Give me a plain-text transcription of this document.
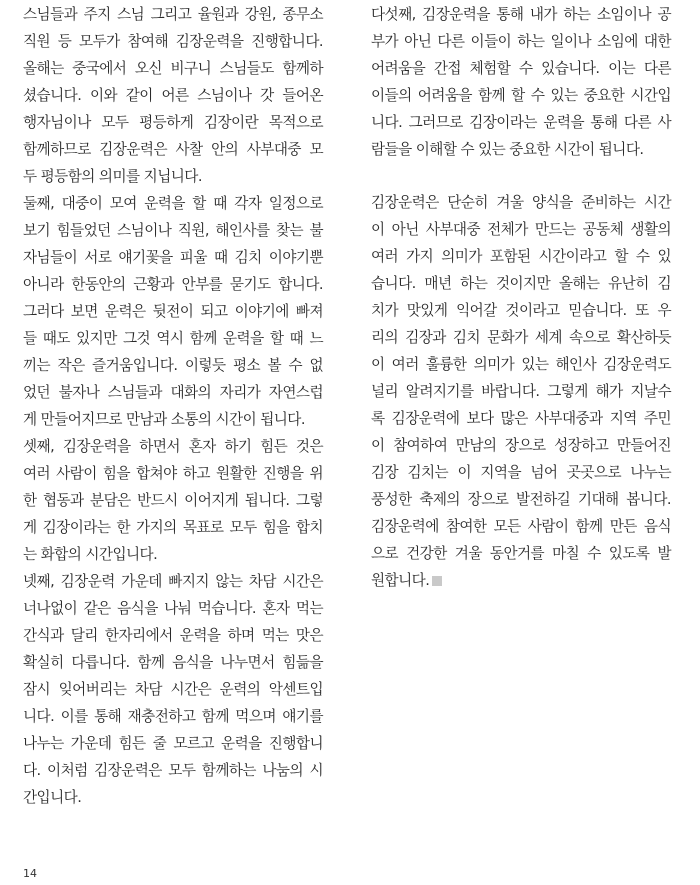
스님들과 주지 스님 그리고 율원과 강원, 종무소
직원 등 모두가 참여해 김장운력을 진행합니다.
올해는 중국에서 오신 비구니 스님들도 함께하
셨습니다. 이와 같이 어른 스님이나 갓 들어온
행자님이나 모두 평등하게 김장이란 목적으로
함께하므로 김장운력은 사찰 안의 사부대중 모
두 평등함의 의미를 지닙니다.
둘째, 대중이 모여 운력을 할 때 각자 일정으로
보기 힘들었던 스님이나 직원, 해인사를 찾는 불
자님들이 서로 얘기꽃을 피울 때 김치 이야기뿐
아니라 한동안의 근황과 안부를 묻기도 합니다.
그러다 보면 운력은 뒷전이 되고 이야기에 빠져
들 때도 있지만 그것 역시 함께 운력을 할 때 느
끼는 작은 즐거움입니다. 이렇듯 평소 볼 수 없
었던 불자나 스님들과 대화의 자리가 자연스럽
게 만들어지므로 만남과 소통의 시간이 됩니다.
셋째, 김장운력을 하면서 혼자 하기 힘든 것은
여러 사람이 힘을 합쳐야 하고 원활한 진행을 위
한 협동과 분담은 반드시 이어지게 됩니다. 그렇
게 김장이라는 한 가지의 목표로 모두 힘을 합치
는 화합의 시간입니다.
넷째, 김장운력 가운데 빠지지 않는 차담 시간은
너나없이 같은 음식을 나눠 먹습니다. 혼자 먹는
간식과 달리 한자리에서 운력을 하며 먹는 맛은
확실히 다릅니다. 함께 음식을 나누면서 힘듦을
잠시 잊어버리는 차담 시간은 운력의 악센트입
니다. 이를 통해 재충전하고 함께 먹으며 얘기를
나누는 가운데 힘든 줄 모르고 운력을 진행합니
다. 이처럼 김장운력은 모두 함께하는 나눔의 시
간입니다.
다섯째, 김장운력을 통해 내가 하는 소임이나 공
부가 아닌 다른 이들이 하는 일이나 소임에 대한
어려움을 간접 체험할 수 있습니다. 이는 다른
이들의 어려움을 함께 할 수 있는 중요한 시간입
니다. 그러므로 김장이라는 운력을 통해 다른 사
람들을 이해할 수 있는 중요한 시간이 됩니다.
김장운력은 단순히 겨울 양식을 준비하는 시간
이 아닌 사부대중 전체가 만드는 공동체 생활의
여러 가지 의미가 포함된 시간이라고 할 수 있
습니다. 매년 하는 것이지만 올해는 유난히 김
치가 맛있게 익어갈 것이라고 믿습니다. 또 우
리의 김장과 김치 문화가 세계 속으로 확산하듯
이 여러 훌륭한 의미가 있는 해인사 김장운력도
널리 알려지기를 바랍니다. 그렇게 해가 지날수
록 김장운력에 보다 많은 사부대중과 지역 주민
이 참여하여 만남의 장으로 성장하고 만들어진
김장 김치는 이 지역을 넘어 곳곳으로 나누는
풍성한 축제의 장으로 발전하길 기대해 봅니다.
김장운력에 참여한 모든 사람이 함께 만든 음식
으로 건강한 겨울 동안거를 마칠 수 있도록 발
원합니다.
14
